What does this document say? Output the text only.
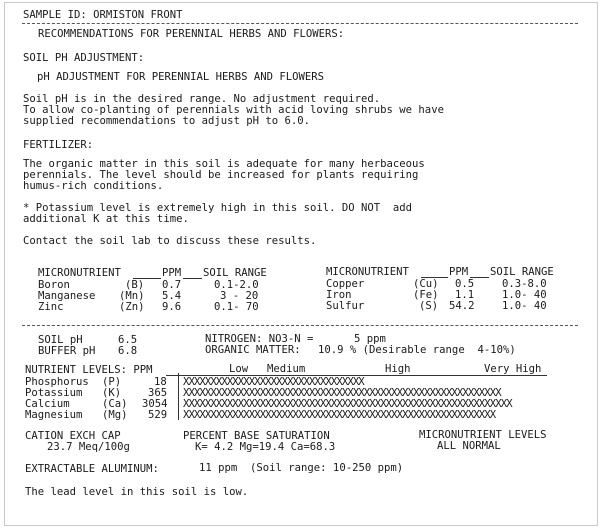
SAMPLE ID: ORMISTON FRONT
RECOMMENDATIONS FOR PERENNIAL HERBS AND FLOWERS:
SOIL PH ADJUSTMENT:
pH ADJUSTMENT FOR PERENNIAL HERBS AND FLOWERS
Soil pH is in the desired range. No adjustment required.
To allow co-planting of perennials with acid loving shrubs we have
supplied recommendations to adjust pH to 6.0.
FERTILIZER:
The organic matter in this soil is adequate for many herbaceous
perennials. The level should be increased for plants requiring
humus-rich conditions.
* Potassium level is extremely high in this soil. DO NOT  add
additional K at this time.
Contact the soil lab to discuss these results.
MICRONUTRIENT	PPM SOIL RANGE
Boron	(B) 0.7	0.1-2.0
Manganese (Mn) 5.4	3 - 20
Zinc	(Zn) 9.6	0.1- 70
MICRONUTRIENT	PPM SOIL RANGE
Copper	(Cu) 0.5	0.3-8.0
Iron	(Fe) 1.1	1.0- 40
Sulfur	(S) 54.2	1.0- 40
SOIL pH	6.5
BUFFER pH 6.8
NITROGEN: NO3-N =	5 ppm
ORGANIC MATTER: 10.9 % (Desirable range  4-10%)
NUTRIENT LEVELS: PPM	Low Medium	High	Very High
Phosphorus (P)	18 XXXXXXXXXXXXXXXXXXXXXXXXXXXXXXXXX
Potassium (K)	365 XXXXXXXXXXXXXXXXXXXXXXXXXXXXXXXXXXXXXXXXXXXXXXXXXXXXXXXXXX
Calcium	(Ca) 3054 XXXXXXXXXXXXXXXXXXXXXXXXXXXXXXXXXXXXXXXXXXXXXXXXXXXXXXXXXXXX
Magnesium (Mg) 529 XXXXXXXXXXXXXXXXXXXXXXXXXXXXXXXXXXXXXXXXXXXXXXXXXXXXXXXXX
CATION EXCH CAP
23.7 Meq/100g
PERCENT BASE SATURATION
K= 4.2 Mg=19.4 Ca=68.3
MICRONUTRIENT LEVELS
ALL NORMAL
EXTRACTABLE ALUMINUM:	11 ppm  (Soil range: 10-250 ppm)
The lead level in this soil is low.
